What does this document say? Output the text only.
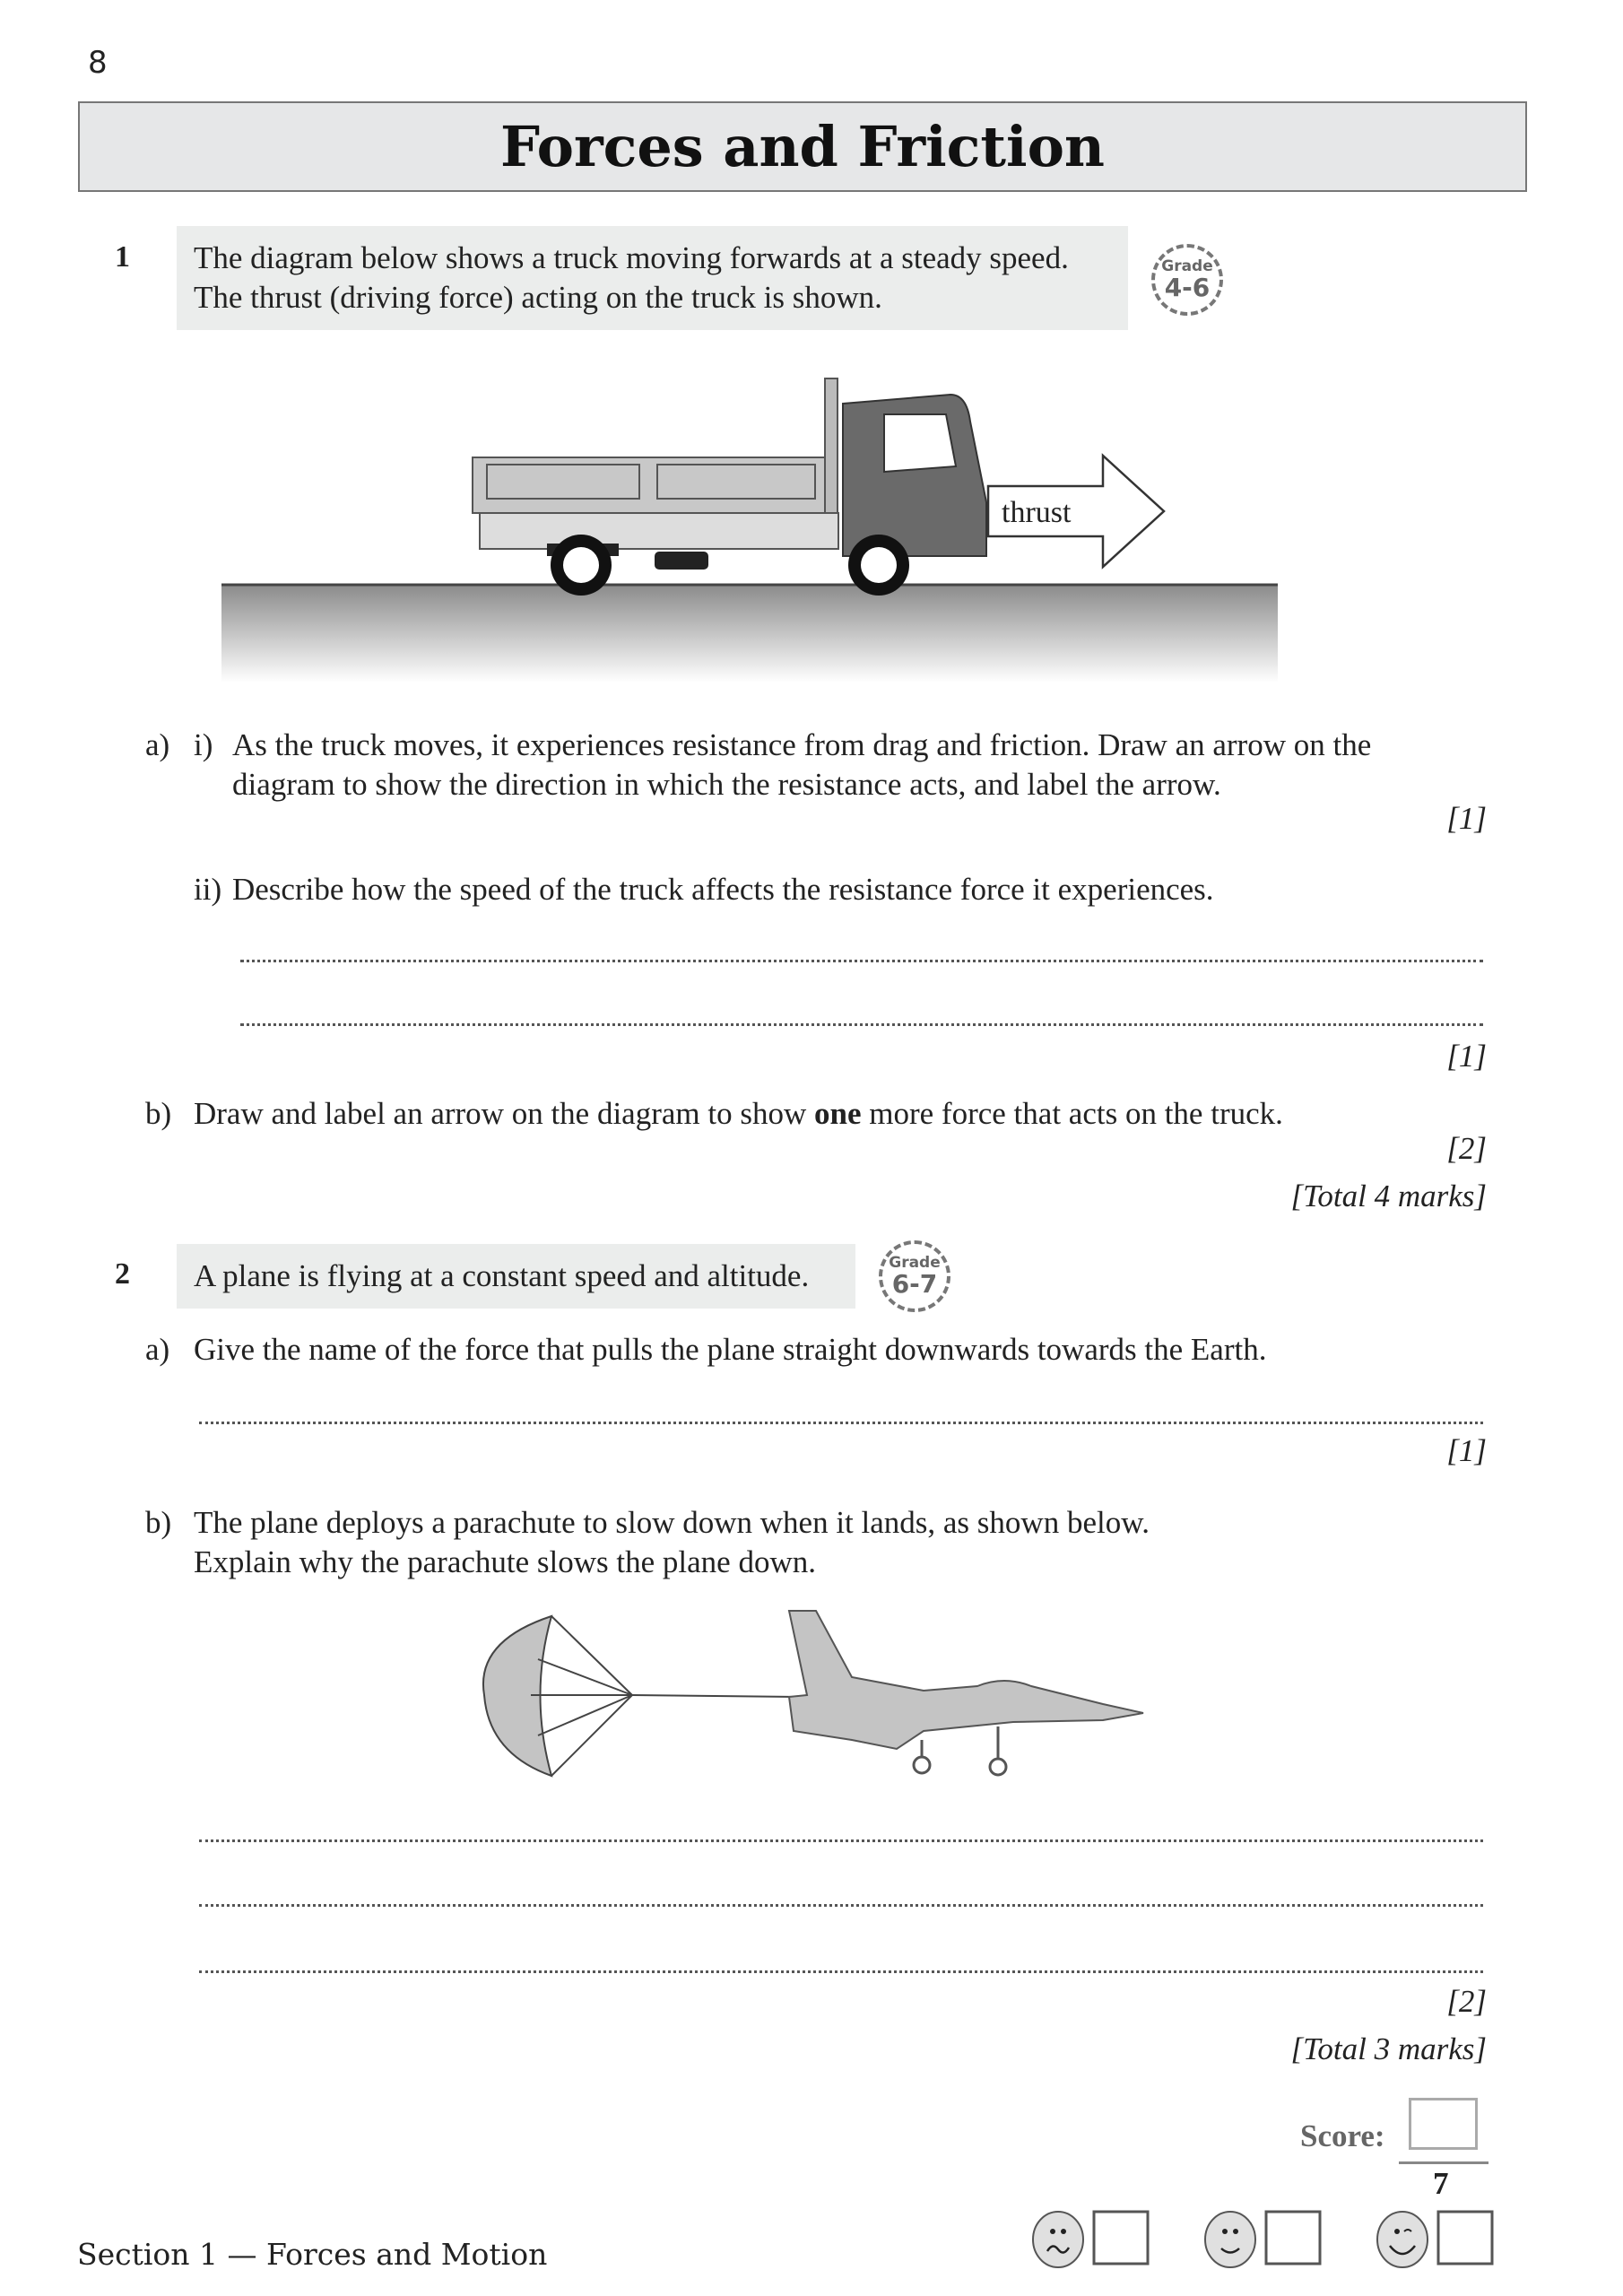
8
Forces and Friction
1 The diagram below shows a truck moving forwards at a steady speed.
The thrust (driving force) acting on the truck is shown.
Grade
4-6
thrust
a) i) As the truck moves, it experiences resistance from drag and friction. Draw an arrow on the
diagram to show the direction in which the resistance acts, and label the arrow.
[1]
ii) Describe how the speed of the truck affects the resistance force it experiences.
[1]
b) Draw and label an arrow on the diagram to show one more force that acts on the truck.
[2]
[Total 4 marks]
2 A plane is flying at a constant speed and altitude.	Grade
6-7
a) Give the name of the force that pulls the plane straight downwards towards the Earth.
[1]
b) The plane deploys a parachute to slow down when it lands, as shown below.
Explain why the parachute slows the plane down.
[2]
[Total 3 marks]
Score:
7
Section 1 — Forces and Motion
